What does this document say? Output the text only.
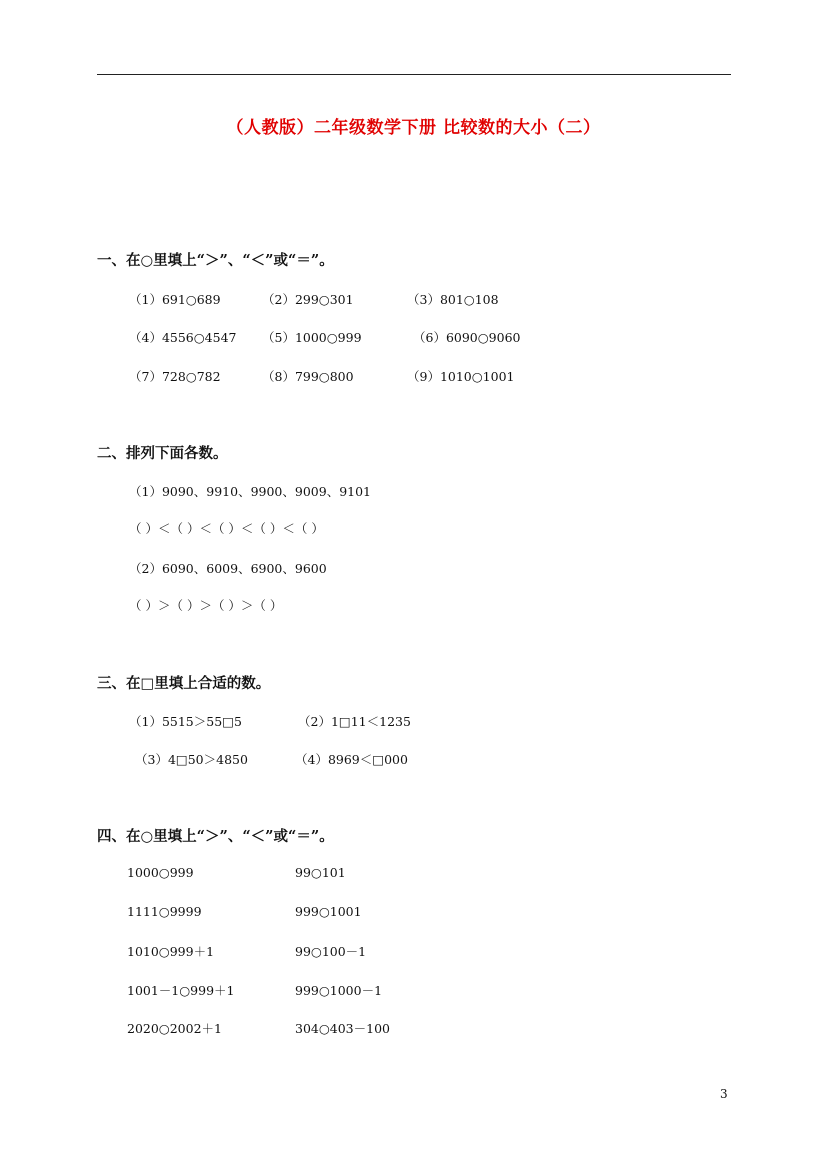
（人教版）二年级数学下册 比较数的大小（二）
一、在○里填上“＞”、“＜”或“＝”。
（1）691○689	（2）299○301	（3）801○108
（4）4556○4547 （5）1000○999	（6）6090○9060
（7）728○782	（8）799○800	（9）1010○1001
二、排列下面各数。
（1）9090、9910、9900、9009、9101
（ ）＜（ ）＜（ ）＜（ ）＜（ ）
（2）6090、6009、6900、9600
（ ）＞（ ）＞（ ）＞（ ）
三、在□里填上合适的数。
（1）5515＞55□5	（2）1□11＜1235
（3）4□50＞4850	（4）8969＜□000
四、在○里填上“＞”、“＜”或“＝”。
1000○999	99○101
1111○9999	999○1001
1010○999＋1	99○100－1
1001－1○999＋1	999○1000－1
2020○2002＋1	304○403－100
3
